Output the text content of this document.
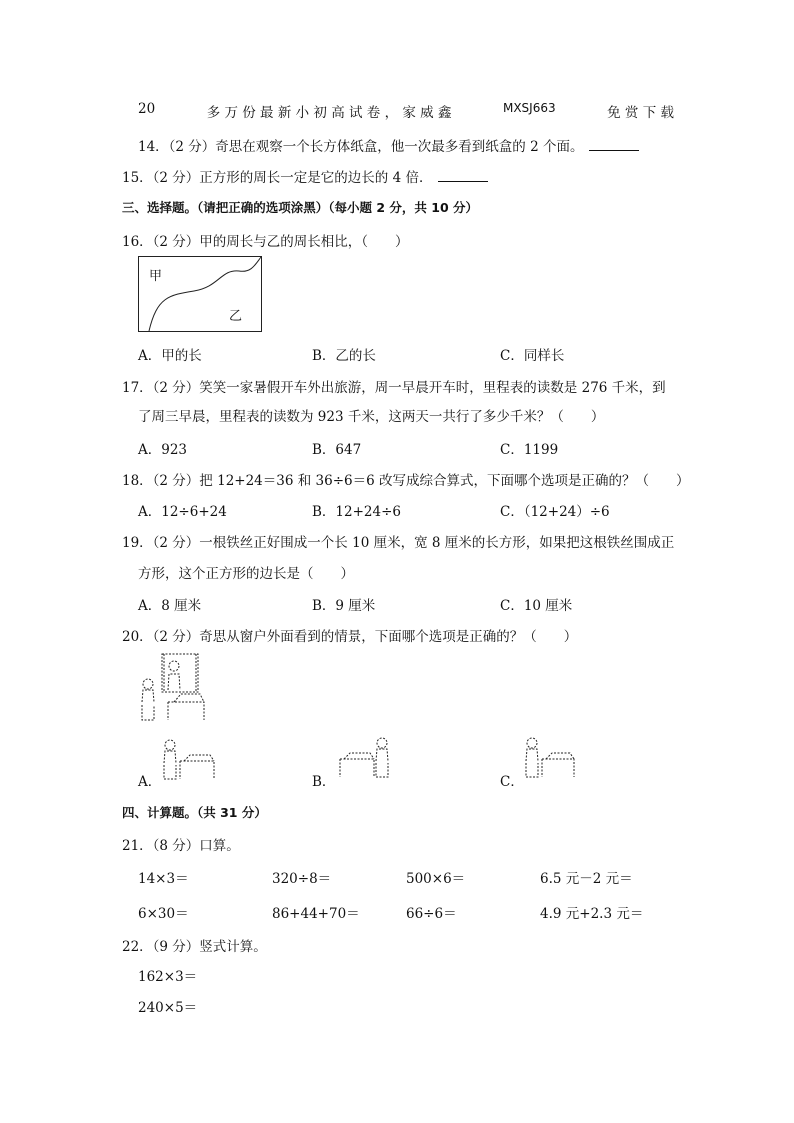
20	多 万 份 最 新 小 初 高 试 卷 ， 家 威 鑫	MXSJ663	免 赏 下 载
14．（2 分）奇思在观察一个长方体纸盒，他一次最多看到纸盒的 2 个面。
15．（2 分）正方形的周长一定是它的边长的 4 倍．
三、选择题。（请把正确的选项涂黑）（每小题 2 分，共 10 分）
16．（2 分）甲的周长与乙的周长相比，（　　）
甲
乙
A．甲的长	B．乙的长	C．同样长
17．（2 分）笑笑一家暑假开车外出旅游，周一早晨开车时，里程表的读数是 276 千米，到
了周三早晨，里程表的读数为 923 千米，这两天一共行了多少千米？（　　）
A．923	B．647	C．1199
18．（2 分）把 12+24＝36 和 36÷6＝6 改写成综合算式，下面哪个选项是正确的？（　　）
A．12÷6+24	B．12+24÷6	C．（12+24）÷6
19．（2 分）一根铁丝正好围成一个长 10 厘米，宽 8 厘米的长方形，如果把这根铁丝围成正
方形，这个正方形的边长是（　　）
A．8 厘米	B．9 厘米	C．10 厘米
20．（2 分）奇思从窗户外面看到的情景，下面哪个选项是正确的？（　　）
A．	B．	C．
四、计算题。（共 31 分）
21．（8 分）口算。
14×3＝	320÷8＝	500×6＝	6.5 元－2 元＝
6×30＝	86+44+70＝	66÷6＝	4.9 元+2.3 元＝
22．（9 分）竖式计算。
162×3＝
240×5＝
